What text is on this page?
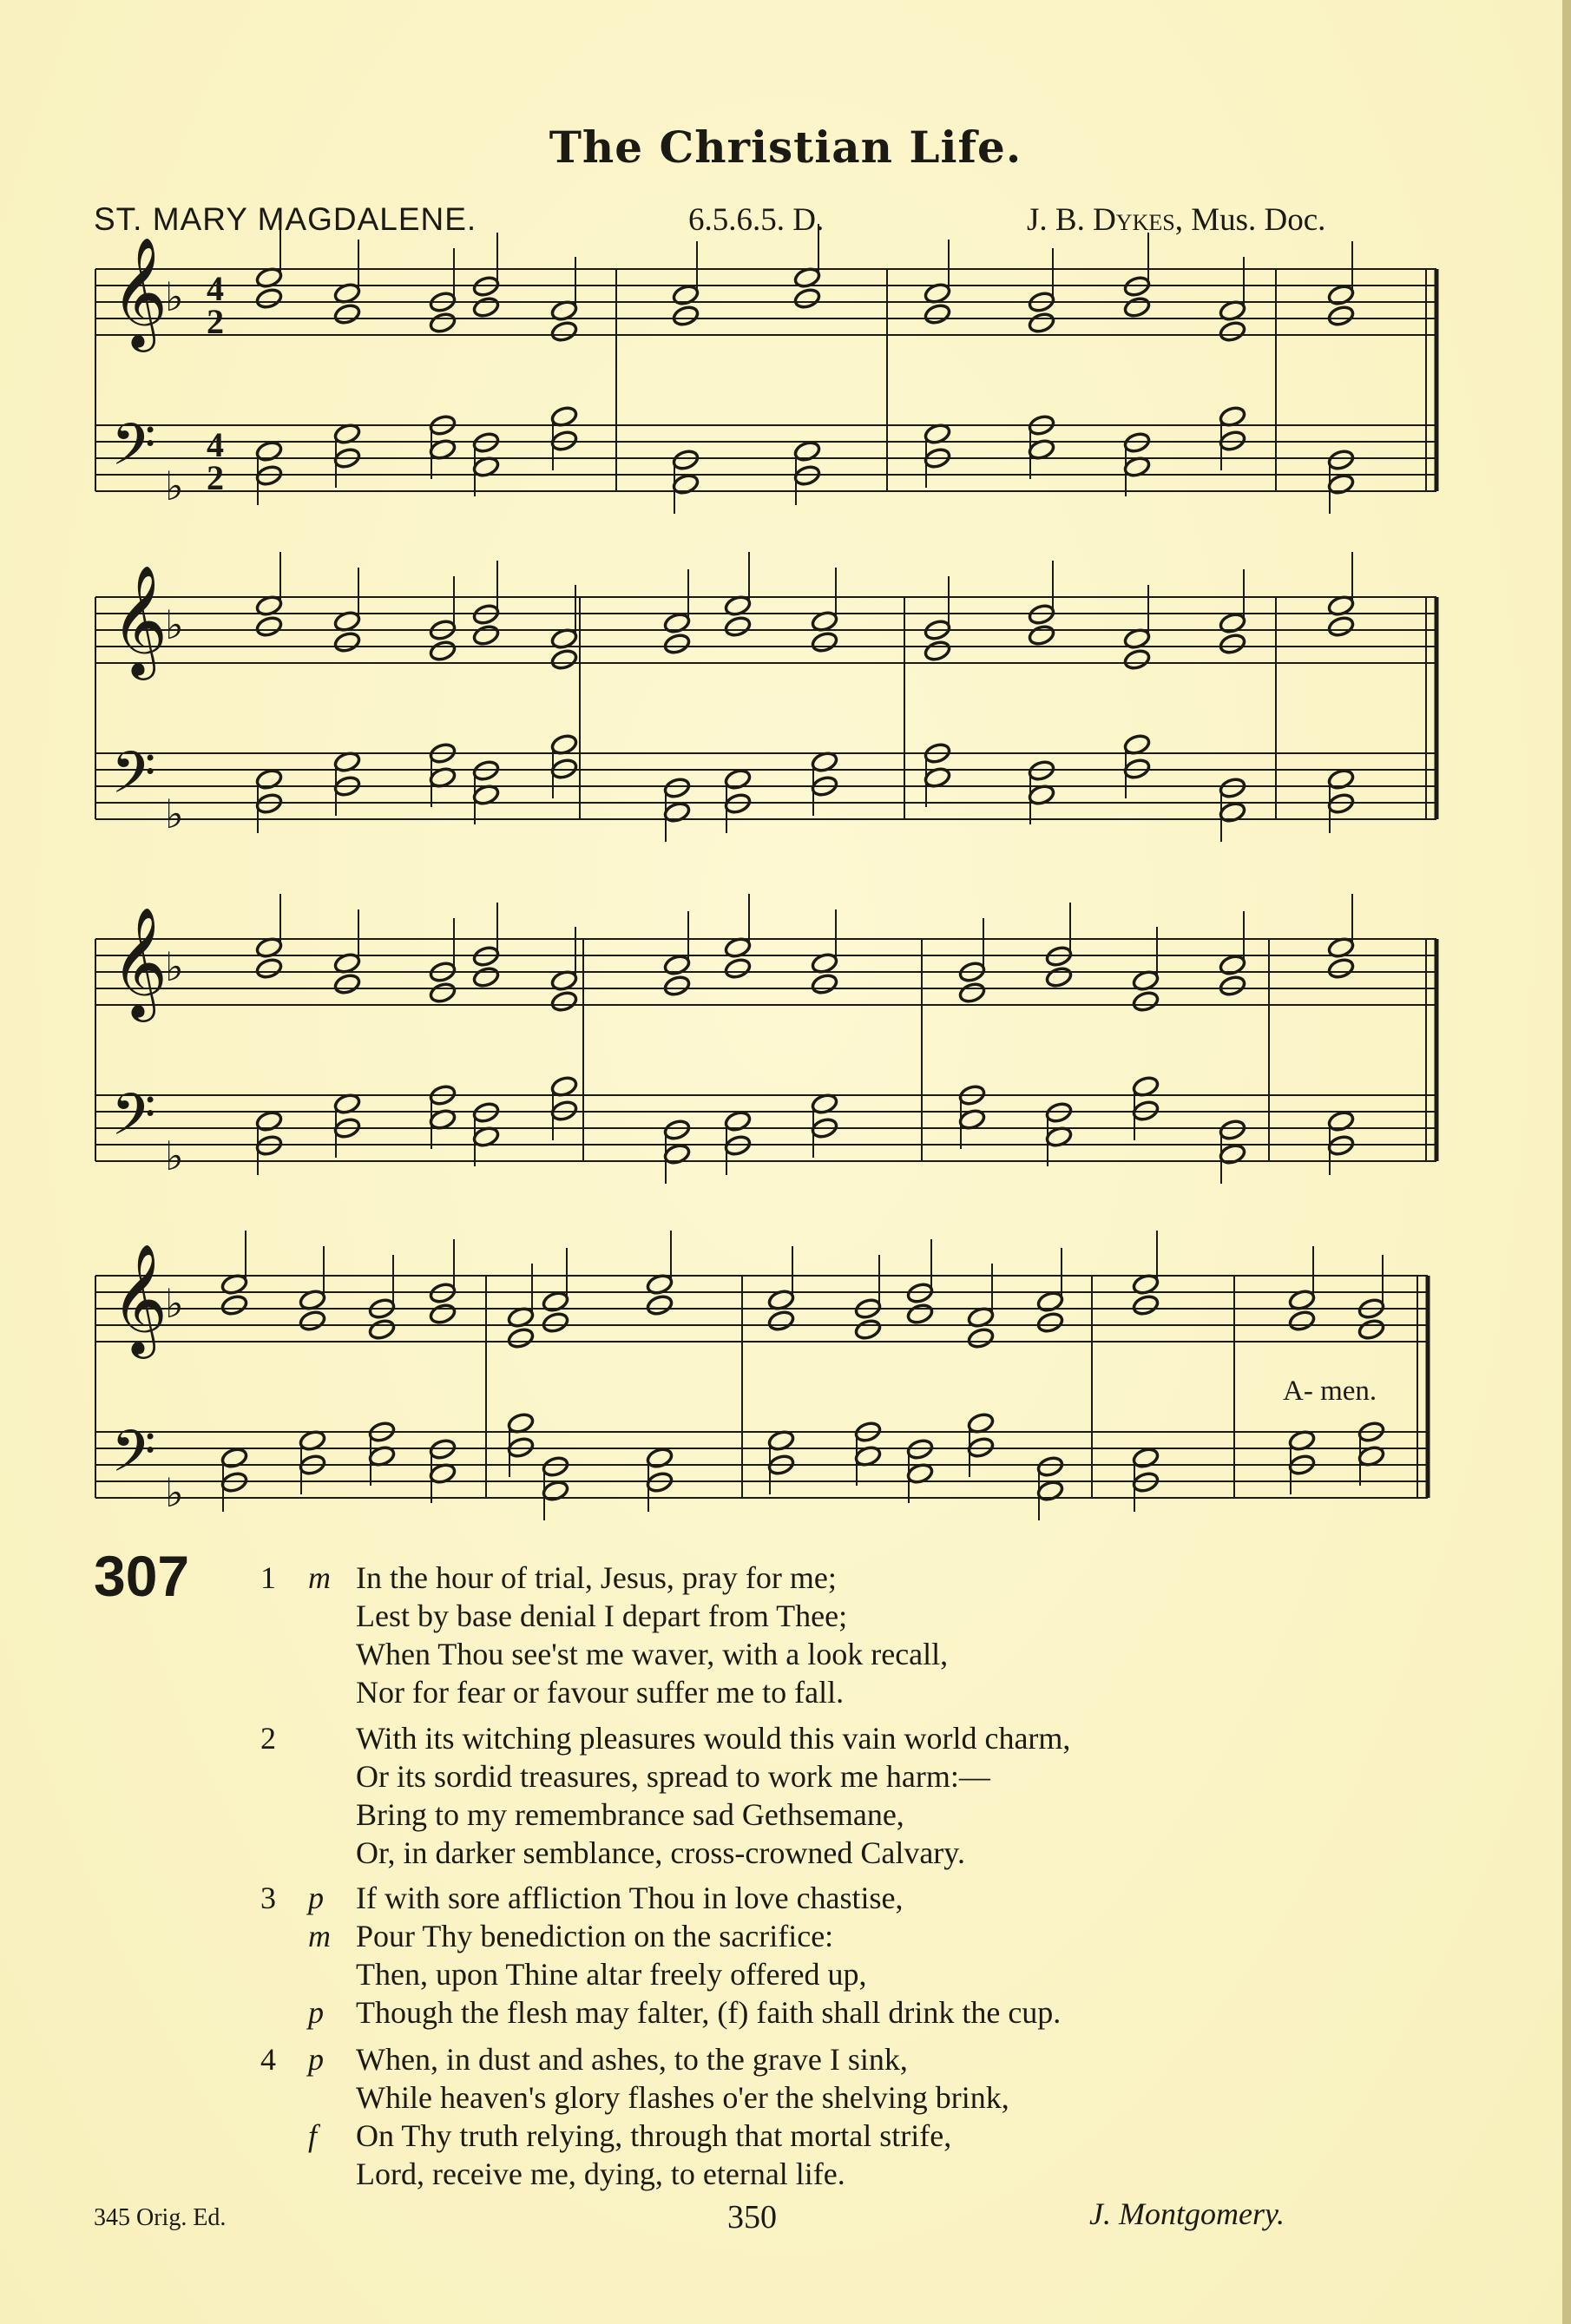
The Christian Life.
ST. MARY MAGDALENE.	6.5.6.5. D.	J. B. Dykes, Mus. Doc.
𝄞
𝄢
♭
♭
4
2
4
2
𝄞
𝄢
♭
♭
𝄞
𝄢
♭
♭
𝄞
𝄢
♭
♭
A- men.
307 1 m In the hour of trial, Jesus, pray for me;
Lest by base denial I depart from Thee;
When Thou see'st me waver, with a look recall,
Nor for fear or favour suffer me to fall.
2	With its witching pleasures would this vain world charm,
Or its sordid treasures, spread to work me harm:—
Bring to my remembrance sad Gethsemane,
Or, in darker semblance, cross-crowned Calvary.
3 p If with sore affliction Thou in love chastise,
m Pour Thy benediction on the sacrifice:
Then, upon Thine altar freely offered up,
p Though the flesh may falter, (f) faith shall drink the cup.
4 p When, in dust and ashes, to the grave I sink,
While heaven's glory flashes o'er the shelving brink,
f On Thy truth relying, through that mortal strife,
Lord, receive me, dying, to eternal life.
345 Orig. Ed.	350	J. Montgomery.
